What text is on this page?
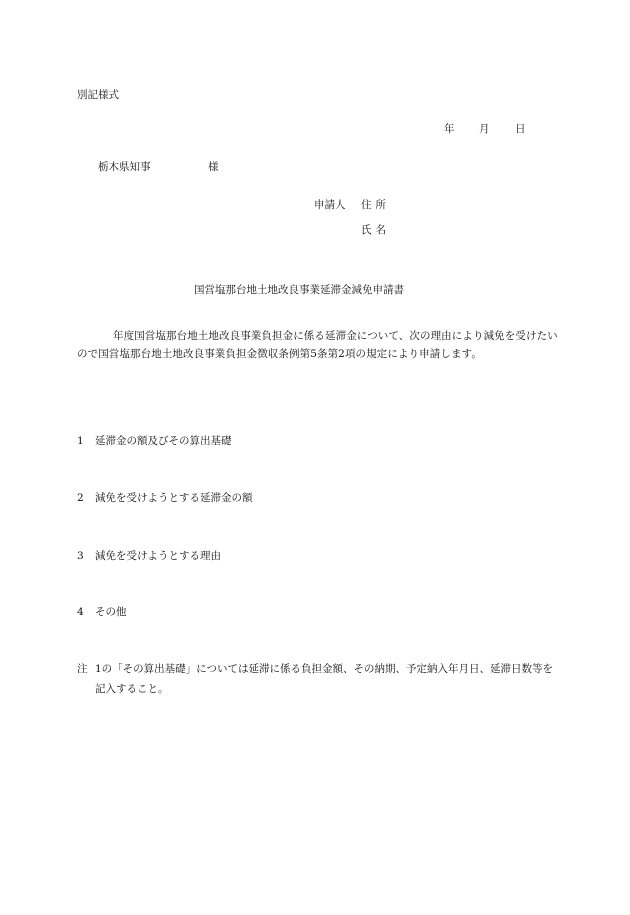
別記様式

年 月 日
栃木県知事	様
申請人 住所
氏名

国営塩那台地土地改良事業延滞金減免申請書

年度国営塩那台地土地改良事業負担金に係る延滞金について、次の理由により減免を受けたいので国営塩那台地土地改良事業負担金徴収条例第5条第2項の規定により申請します。

1 延滞金の額及びその算出基礎
2 減免を受けようとする延滞金の額
3 減免を受けようとする理由
4 その他
注 1の「その算出基礎」については延滞に係る負担金額、その納期、予定納入年月日、延滞日数等を記入すること。
